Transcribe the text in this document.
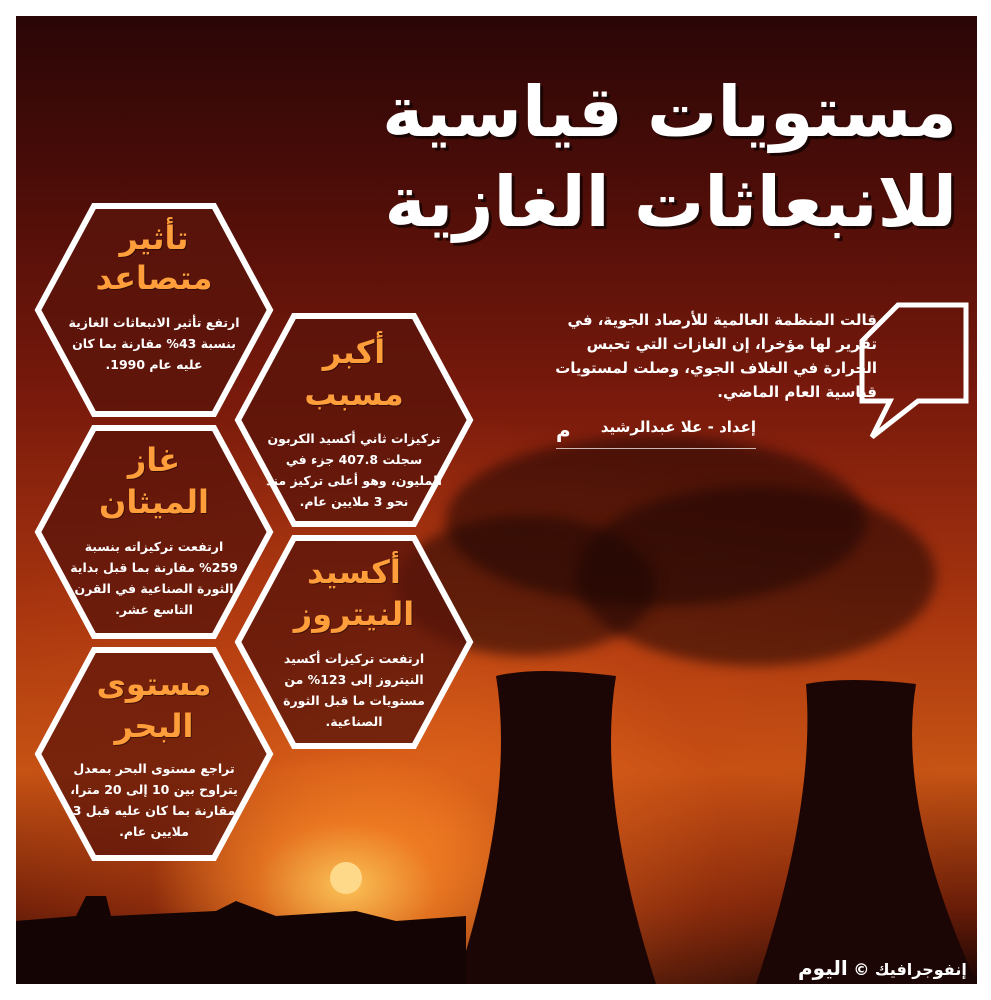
مستويات قياسية
للانبعاثات الغازية
قالت المنظمة العالمية للأرصاد الجوية، في تقرير لها مؤخرا، إن الغازات التي تحبس الحرارة في الغلاف الجوي، وصلت لمستويات قياسية العام الماضي.
إعداد - علا عبدالرشيد
م
تأثير
متصاعد
ارتفع تأثير الانبعاثات الغازية بنسبة 43% مقارنة بما كان عليه عام 1990.	أكبر
مسبب
تركيزات ثاني أكسيد الكربون سجلت 407.8 جزء في المليون، وهو أعلى تركيز منذ نحو 3 ملايين عام.
غاز
الميثان
ارتفعت تركيزاته بنسبة 259% مقارنة بما قبل بداية الثورة الصناعية في القرن التاسع عشر.
أكسيد
النيتروز
ارتفعت تركيزات أكسيد النيتروز إلى 123% من مستويات ما قبل الثورة الصناعية.
مستوى
البحر
تراجع مستوى البحر بمعدل يتراوح بين 10 إلى 20 مترا، مقارنة بما كان عليه قبل 3 ملايين عام.
إنفوجرافيك © اليوم
